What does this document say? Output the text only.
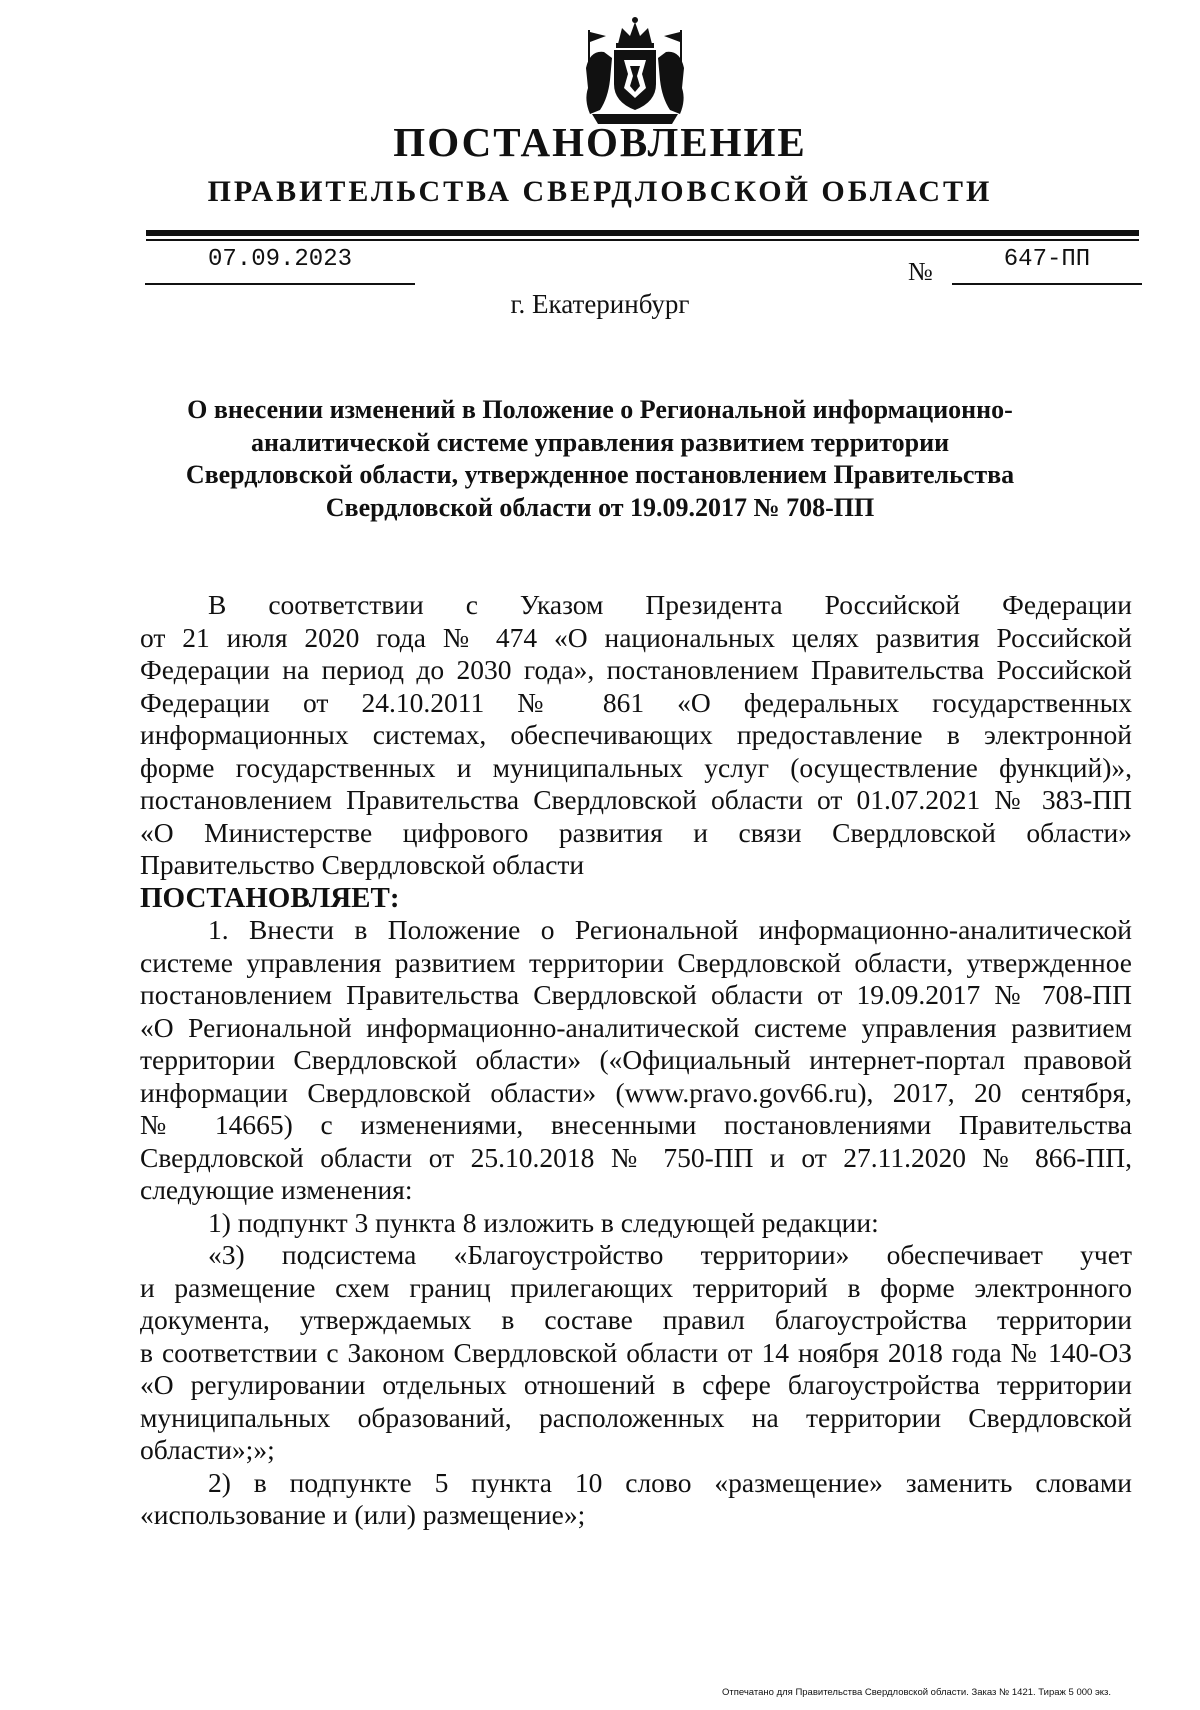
ПОСТАНОВЛЕНИЕ
ПРАВИТЕЛЬСТВА СВЕРДЛОВСКОЙ ОБЛАСТИ
07.09.2023	№	647-ПП
г. Екатеринбург
О внесении изменений в Положение о Региональной информационно-
аналитической системе управления развитием территории
Свердловской области, утвержденное постановлением Правительства
Свердловской области от 19.09.2017 № 708-ПП
В соответствии с Указом Президента Российской Федерации
от 21 июля 2020 года № 474 «О национальных целях развития Российской
Федерации на период до 2030 года», постановлением Правительства Российской
Федерации от 24.10.2011 № 861 «О федеральных государственных
информационных системах, обеспечивающих предоставление в электронной
форме государственных и муниципальных услуг (осуществление функций)»,
постановлением Правительства Свердловской области от 01.07.2021 № 383-ПП
«О Министерстве цифрового развития и связи Свердловской области»
Правительство Свердловской области
ПОСТАНОВЛЯЕТ:
1. Внести в Положение о Региональной информационно-аналитической
системе управления развитием территории Свердловской области, утвержденное
постановлением Правительства Свердловской области от 19.09.2017 № 708-ПП
«О Региональной информационно-аналитической системе управления развитием
территории Свердловской области» («Официальный интернет-портал правовой
информации Свердловской области» (www.pravo.gov66.ru), 2017, 20 сентября,
№ 14665) с изменениями, внесенными постановлениями Правительства
Свердловской области от 25.10.2018 № 750-ПП и от 27.11.2020 № 866-ПП,
следующие изменения:
1) подпункт 3 пункта 8 изложить в следующей редакции:
«3) подсистема «Благоустройство территории» обеспечивает учет
и размещение схем границ прилегающих территорий в форме электронного
документа, утверждаемых в составе правил благоустройства территории
в соответствии с Законом Свердловской области от 14 ноября 2018 года № 140-ОЗ
«О регулировании отдельных отношений в сфере благоустройства территории
муниципальных образований, расположенных на территории Свердловской
области»;»;
2) в подпункте 5 пункта 10 слово «размещение» заменить словами
«использование и (или) размещение»;
Отпечатано для Правительства Свердловской области. Заказ № 1421. Тираж 5 000 экз.
